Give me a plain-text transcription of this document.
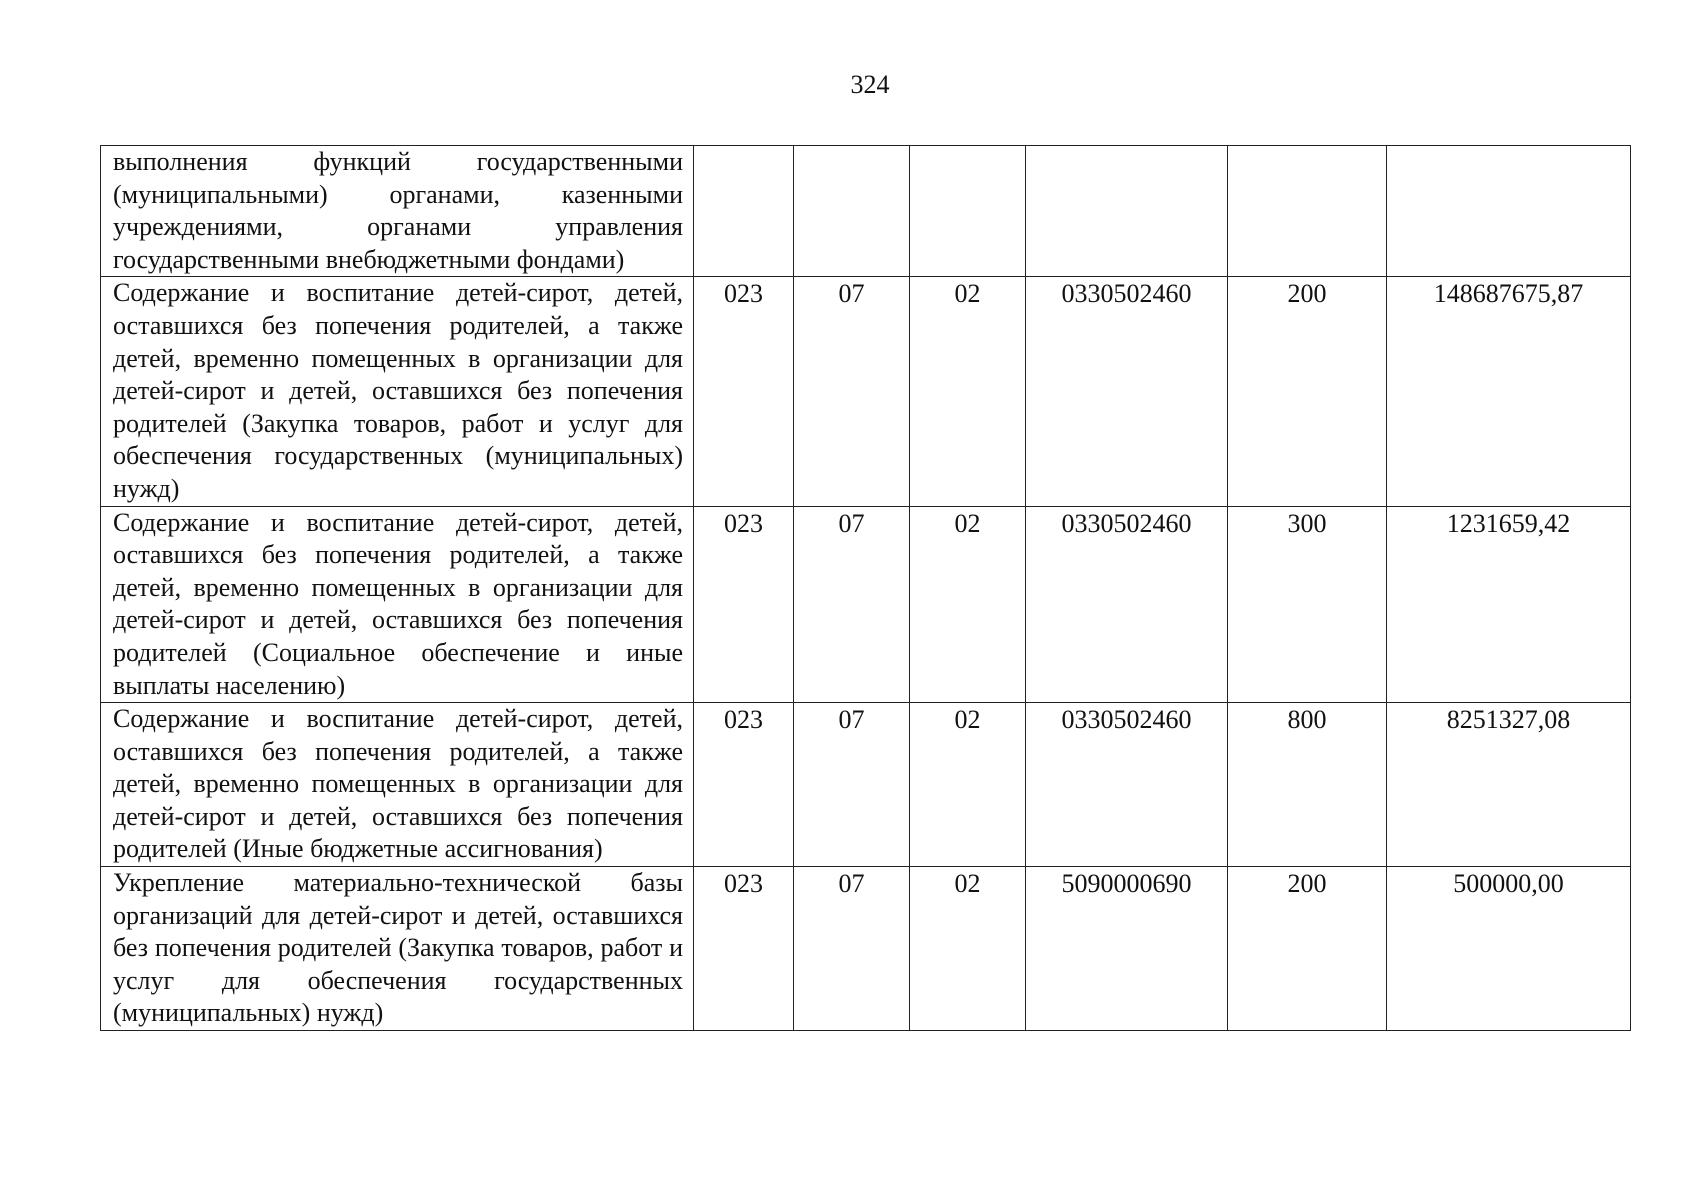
324
выполнения функций государственными (муниципальными) органами, казенными учреждениями, органами управления государственными внебюджетными фондами)						
Содержание и воспитание детей-сирот, детей, оставшихся без попечения родителей, а также детей, временно помещенных в организации для детей-сирот и детей, оставшихся без попечения родителей (Закупка товаров, работ и услуг для обеспечения государственных (муниципальных) нужд)	023	07	02	0330502460	200	148687675,87
Содержание и воспитание детей-сирот, детей, оставшихся без попечения родителей, а также детей, временно помещенных в организации для детей-сирот и детей, оставшихся без попечения родителей (Социальное обеспечение и иные выплаты населению)	023	07	02	0330502460	300	1231659,42
Содержание и воспитание детей-сирот, детей, оставшихся без попечения родителей, а также детей, временно помещенных в организации для детей-сирот и детей, оставшихся без попечения родителей (Иные бюджетные ассигнования)	023	07	02	0330502460	800	8251327,08
Укрепление материально-технической базы организаций для детей-сирот и детей, оставшихся без попечения родителей (Закупка товаров, работ и услуг для обеспечения государственных (муниципальных) нужд)	023	07	02	5090000690	200	500000,00
